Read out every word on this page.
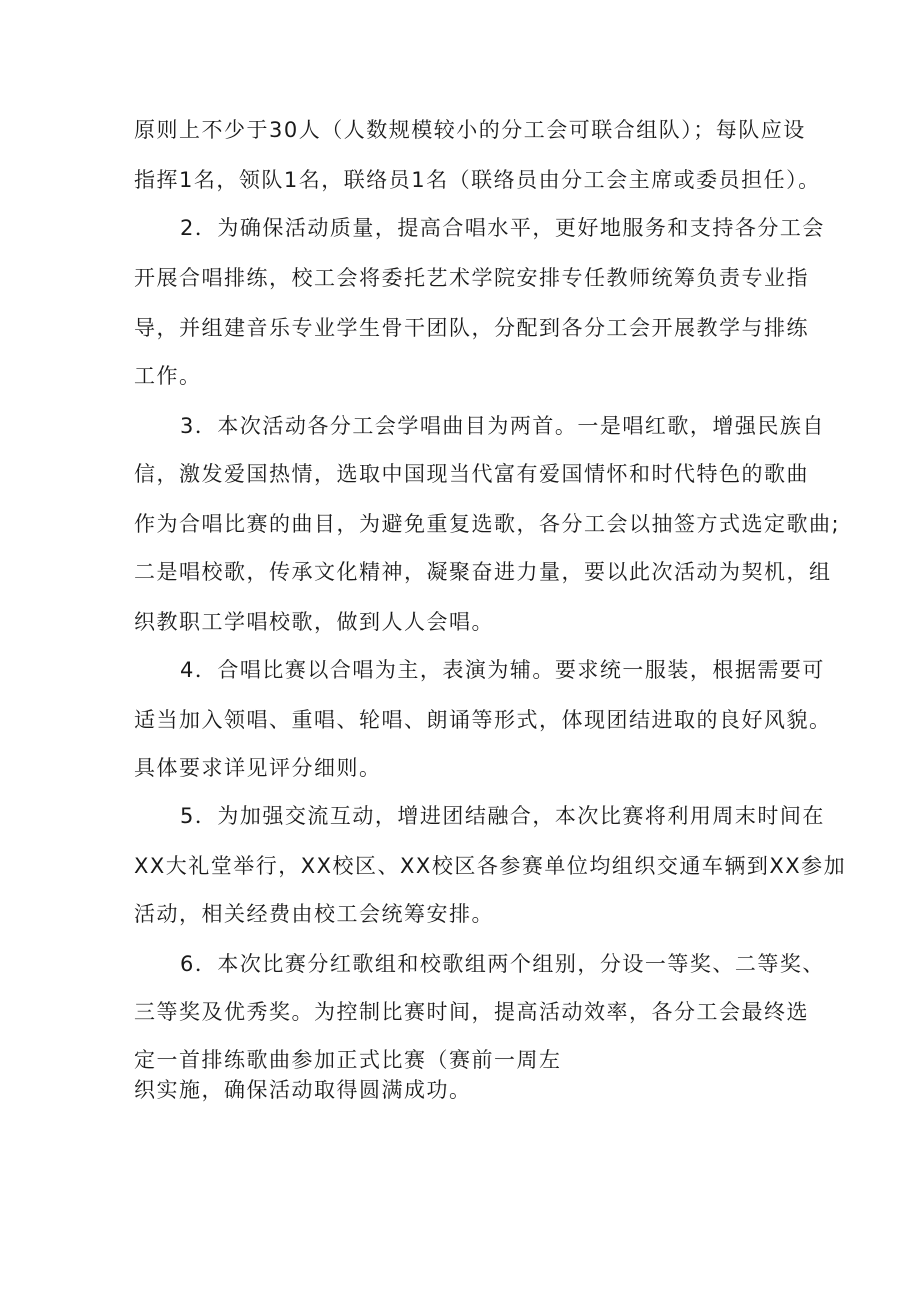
原则上不少于30人（人数规模较小的分工会可联合组队）；每队应设
指挥1名，领队1名，联络员1名（联络员由分工会主席或委员担任）。
2．为确保活动质量，提高合唱水平，更好地服务和支持各分工会
开展合唱排练，校工会将委托艺术学院安排专任教师统筹负责专业指
导，并组建音乐专业学生骨干团队，分配到各分工会开展教学与排练
工作。
3．本次活动各分工会学唱曲目为两首。一是唱红歌，增强民族自
信，激发爱国热情，选取中国现当代富有爱国情怀和时代特色的歌曲
作为合唱比赛的曲目，为避免重复选歌，各分工会以抽签方式选定歌曲;
二是唱校歌，传承文化精神，凝聚奋进力量，要以此次活动为契机，组
织教职工学唱校歌，做到人人会唱。
4．合唱比赛以合唱为主，表演为辅。要求统一服装，根据需要可
适当加入领唱、重唱、轮唱、朗诵等形式，体现团结进取的良好风貌。
具体要求详见评分细则。
5．为加强交流互动，增进团结融合，本次比赛将利用周末时间在
XX大礼堂举行，XX校区、XX校区各参赛单位均组织交通车辆到XX参加
活动，相关经费由校工会统筹安排。
6．本次比赛分红歌组和校歌组两个组别，分设一等奖、二等奖、
三等奖及优秀奖。为控制比赛时间，提高活动效率，各分工会最终选
定一首排练歌曲参加正式比赛（赛前一周左
织实施，确保活动取得圆满成功。
